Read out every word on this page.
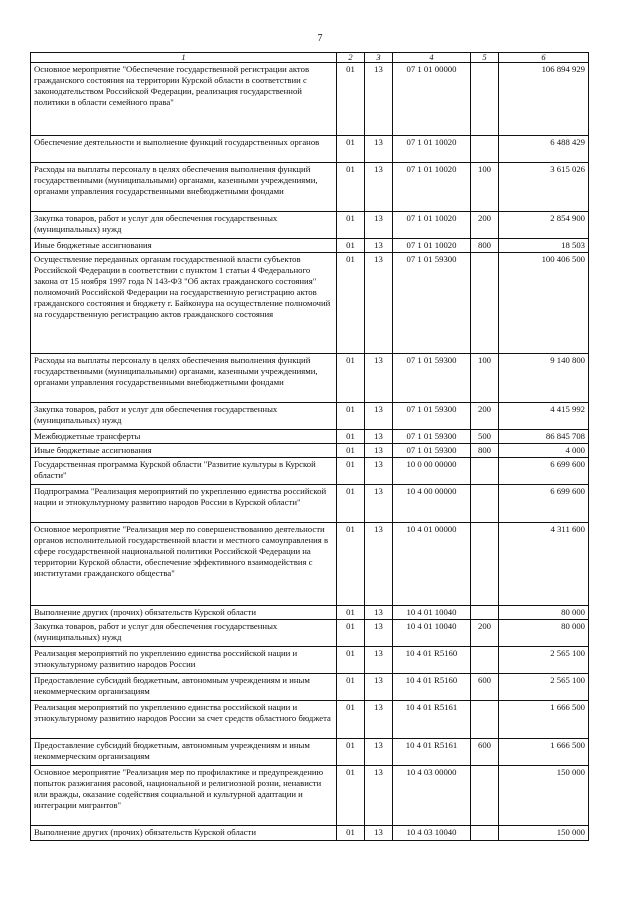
7
1	2	3	4	5	6
Основное мероприятие "Обеспечение государственной регистрации актов гражданского состояния на территории Курской области в соответствии с законодательством Российской Федерации, реализация государственной политики в области семейного права"	01	13	07 1 01 00000		106 894 929
Обеспечение деятельности и выполнение функций государственных органов	01	13	07 1 01 10020		6 488 429
Расходы на выплаты персоналу в целях обеспечения выполнения функций государственными (муниципальными) органами, казенными учреждениями, органами управления государственными внебюджетными фондами	01	13	07 1 01 10020	100	3 615 026
Закупка товаров, работ и услуг для обеспечения государственных (муниципальных) нужд	01	13	07 1 01 10020	200	2 854 900
Иные бюджетные ассигнования	01	13	07 1 01 10020	800	18 503
Осуществление переданных органам государственной власти субъектов Российской Федерации в соответствии с пунктом 1 статьи 4 Федерального закона от 15 ноября 1997 года N 143-ФЗ "Об актах гражданского состояния" полномочий Российской Федерации на государственную регистрацию актов гражданского состояния и бюджету г. Байконура на осуществление полномочий на государственную регистрацию актов гражданского состояния	01	13	07 1 01 59300		100 406 500
Расходы на выплаты персоналу в целях обеспечения выполнения функций государственными (муниципальными) органами, казенными учреждениями, органами управления государственными внебюджетными фондами	01	13	07 1 01 59300	100	9 140 800
Закупка товаров, работ и услуг для обеспечения государственных (муниципальных) нужд	01	13	07 1 01 59300	200	4 415 992
Межбюджетные трансферты	01	13	07 1 01 59300	500	86 845 708
Иные бюджетные ассигнования	01	13	07 1 01 59300	800	4 000
Государственная программа Курской области "Развитие культуры в Курской области"	01	13	10 0 00 00000		6 699 600
Подпрограмма "Реализация мероприятий по укреплению единства российской нации и этнокультурному развитию народов России в Курской области"	01	13	10 4 00 00000		6 699 600
Основное мероприятие "Реализация мер по совершенствованию деятельности органов исполнительной государственной власти и местного самоуправления в сфере государственной национальной политики Российской Федерации на территории Курской области, обеспечение эффективного взаимодействия с институтами гражданского общества"	01	13	10 4 01 00000		4 311 600
Выполнение других (прочих) обязательств Курской области	01	13	10 4 01 10040		80 000
Закупка товаров, работ и услуг для обеспечения государственных (муниципальных) нужд	01	13	10 4 01 10040	200	80 000
Реализация мероприятий по укреплению единства российской нации и этнокультурному развитию народов России	01	13	10 4 01 R5160		2 565 100
Предоставление субсидий бюджетным, автономным учреждениям и иным некоммерческим организациям	01	13	10 4 01 R5160	600	2 565 100
Реализация мероприятий по укреплению единства российской нации и этнокультурному развитию народов России за счет средств областного бюджета	01	13	10 4 01 R5161		1 666 500
Предоставление субсидий бюджетным, автономным учреждениям и иным некоммерческим организациям	01	13	10 4 01 R5161	600	1 666 500
Основное мероприятие "Реализация мер по профилактике и предупреждению попыток разжигания расовой, национальной и религиозной розни, ненависти или вражды, оказание содействия социальной и культурной адаптации и интеграции мигрантов"	01	13	10 4 03 00000		150 000
Выполнение других (прочих) обязательств Курской области	01	13	10 4 03 10040		150 000
